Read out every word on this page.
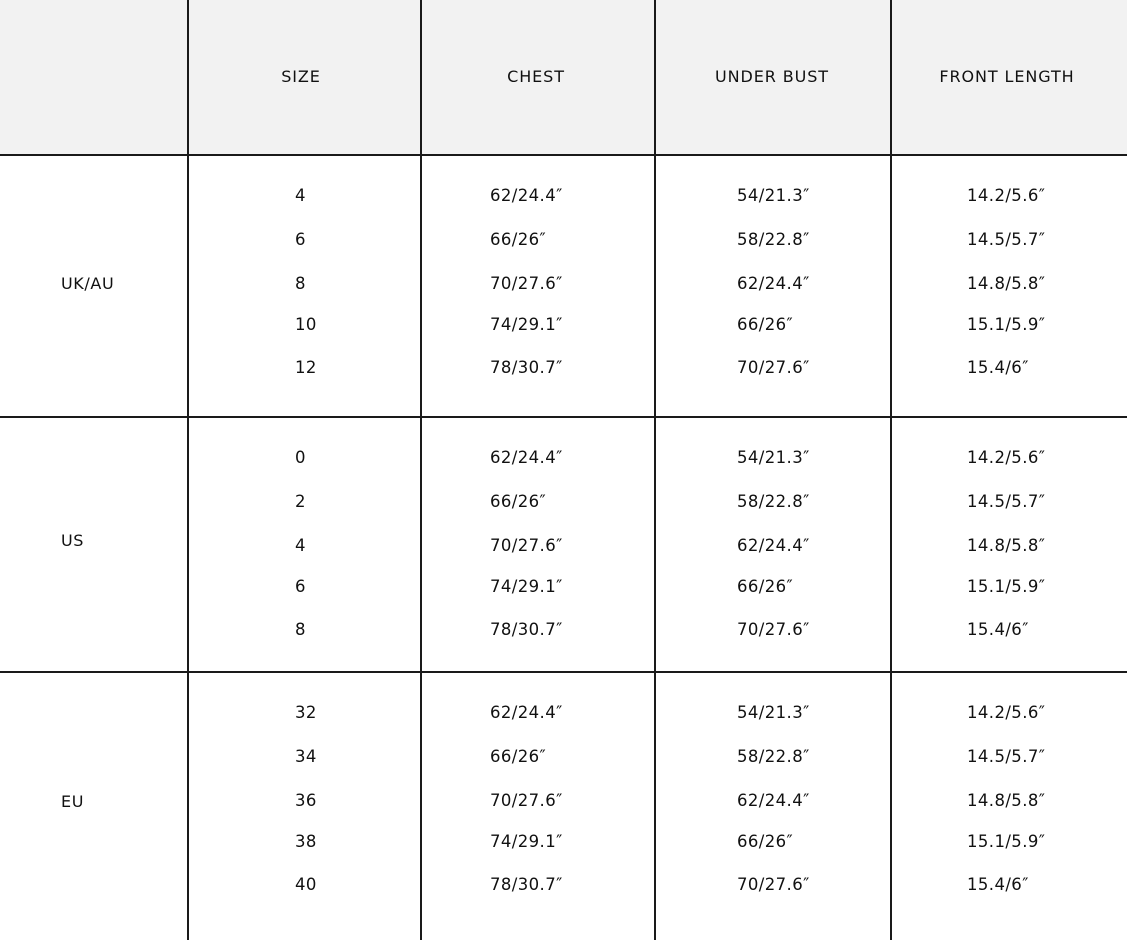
SIZE	CHEST	UNDER BUST	FRONT LENGTH
UK/AU
4	62/24.4″	54/21.3″	14.2/5.6″
6	66/26″	58/22.8″	14.5/5.7″
8	70/27.6″	62/24.4″	14.8/5.8″
10	74/29.1″	66/26″	15.1/5.9″
12	78/30.7″	70/27.6″	15.4/6″
US
0	62/24.4″	54/21.3″	14.2/5.6″
2	66/26″	58/22.8″	14.5/5.7″
4	70/27.6″	62/24.4″	14.8/5.8″
6	74/29.1″	66/26″	15.1/5.9″
8	78/30.7″	70/27.6″	15.4/6″
EU
32	62/24.4″	54/21.3″	14.2/5.6″
34	66/26″	58/22.8″	14.5/5.7″
36	70/27.6″	62/24.4″	14.8/5.8″
38	74/29.1″	66/26″	15.1/5.9″
40	78/30.7″	70/27.6″	15.4/6″
